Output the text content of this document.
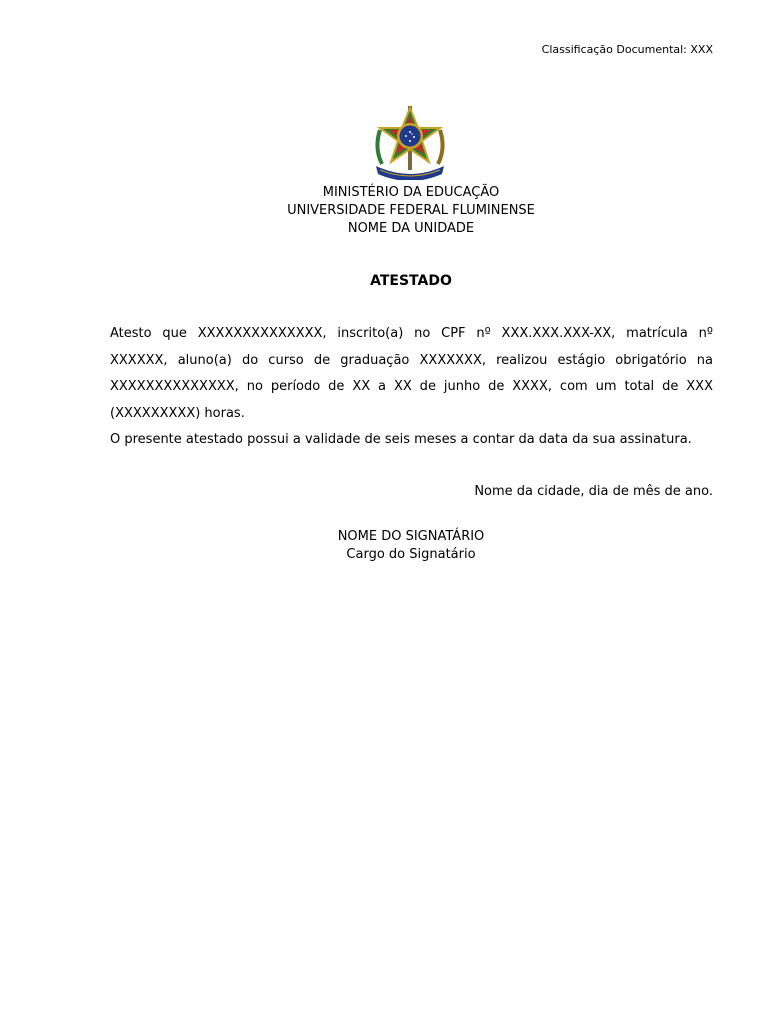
Classificação Documental: XXX
MINISTÉRIO DA EDUCAÇÃO
UNIVERSIDADE FEDERAL FLUMINENSE
NOME DA UNIDADE
ATESTADO
Atesto que XXXXXXXXXXXXXX, inscrito(a) no CPF nº XXX.XXX.XXX-XX, matrícula nº XXXXXX, aluno(a) do curso de graduação XXXXXXX, realizou estágio obrigatório na XXXXXXXXXXXXXX, no período de XX a XX de junho de XXXX, com um total de XXX (XXXXXXXXX) horas.
O presente atestado possui a validade de seis meses a contar da data da sua assinatura.
Nome da cidade, dia de mês de ano.
NOME DO SIGNATÁRIO
Cargo do Signatário
